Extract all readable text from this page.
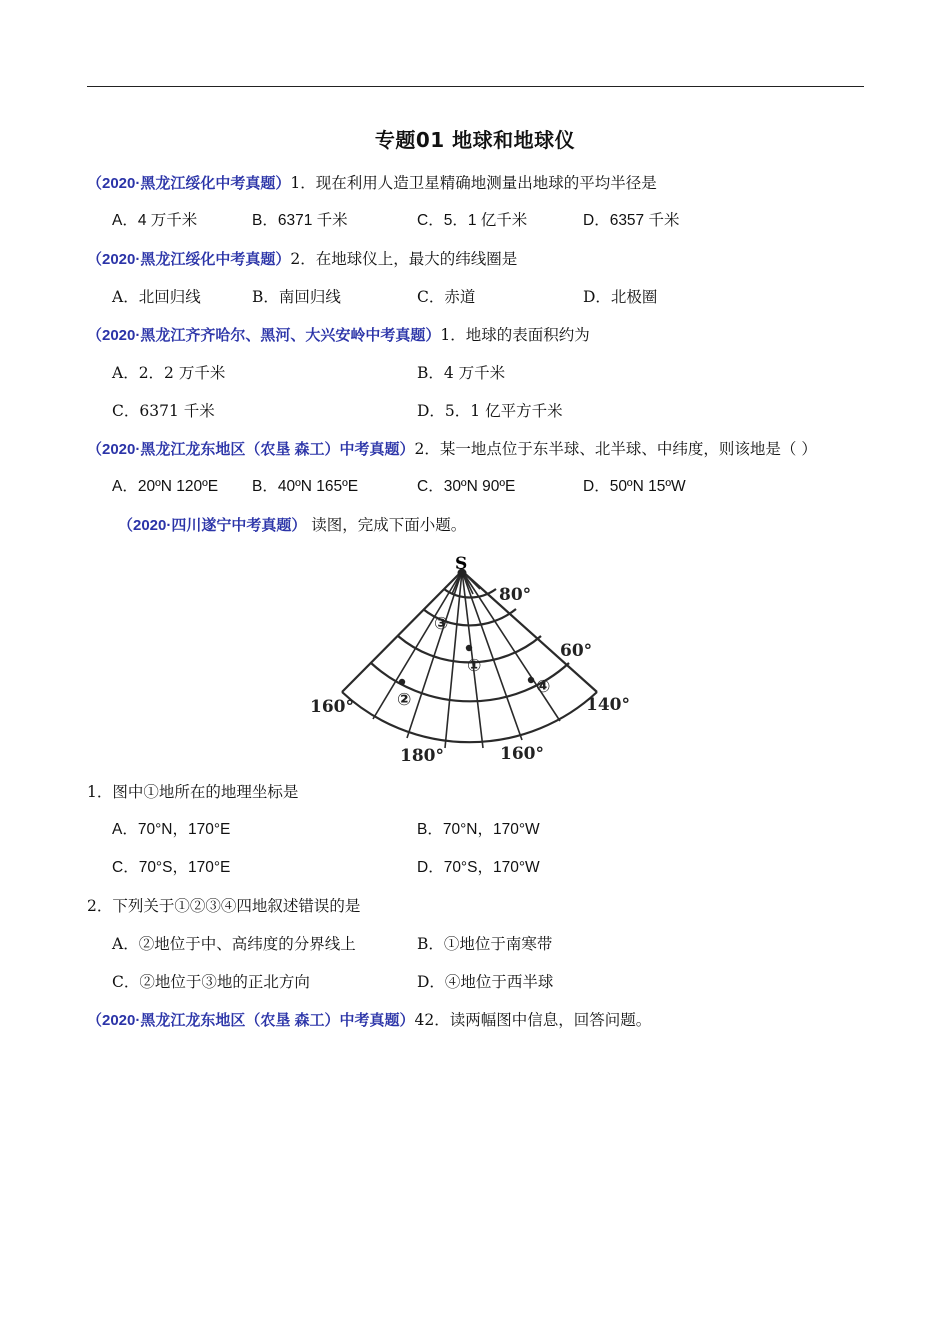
专题01 地球和地球仪
（2020·黑龙江绥化中考真题）1．现在利用人造卫星精确地测量出地球的平均半径是
A．4 万千米	B．6371 千米	C．5．1 亿千米	D．6357 千米
（2020·黑龙江绥化中考真题）2．在地球仪上，最大的纬线圈是
A．北回归线	B．南回归线	C．赤道	D．北极圈
（2020·黑龙江齐齐哈尔、黑河、大兴安岭中考真题）1．地球的表面积约为
A．2．2 万千米	B．4 万千米
C．6371 千米	D．5．1 亿平方千米
（2020·黑龙江龙东地区（农垦 森工）中考真题）2．某一地点位于东半球、北半球、中纬度，则该地是（ ）
A．20ºN 120ºE B．40ºN 165ºE	C．30ºN 90ºE	D．50ºN 15ºW
（2020·四川遂宁中考真题） 读图，完成下面小题。
S
①
②
③
④
80°
60°
160°
180°	160°
140°
1．图中①地所在的地理坐标是
A．70°N，170°E	B．70°N，170°W
C．70°S，170°E	D．70°S，170°W
2．下列关于①②③④四地叙述错误的是
A．②地位于中、高纬度的分界线上	B．①地位于南寒带
C．②地位于③地的正北方向	D．④地位于西半球
（2020·黑龙江龙东地区（农垦 森工）中考真题）42．读两幅图中信息，回答问题。
